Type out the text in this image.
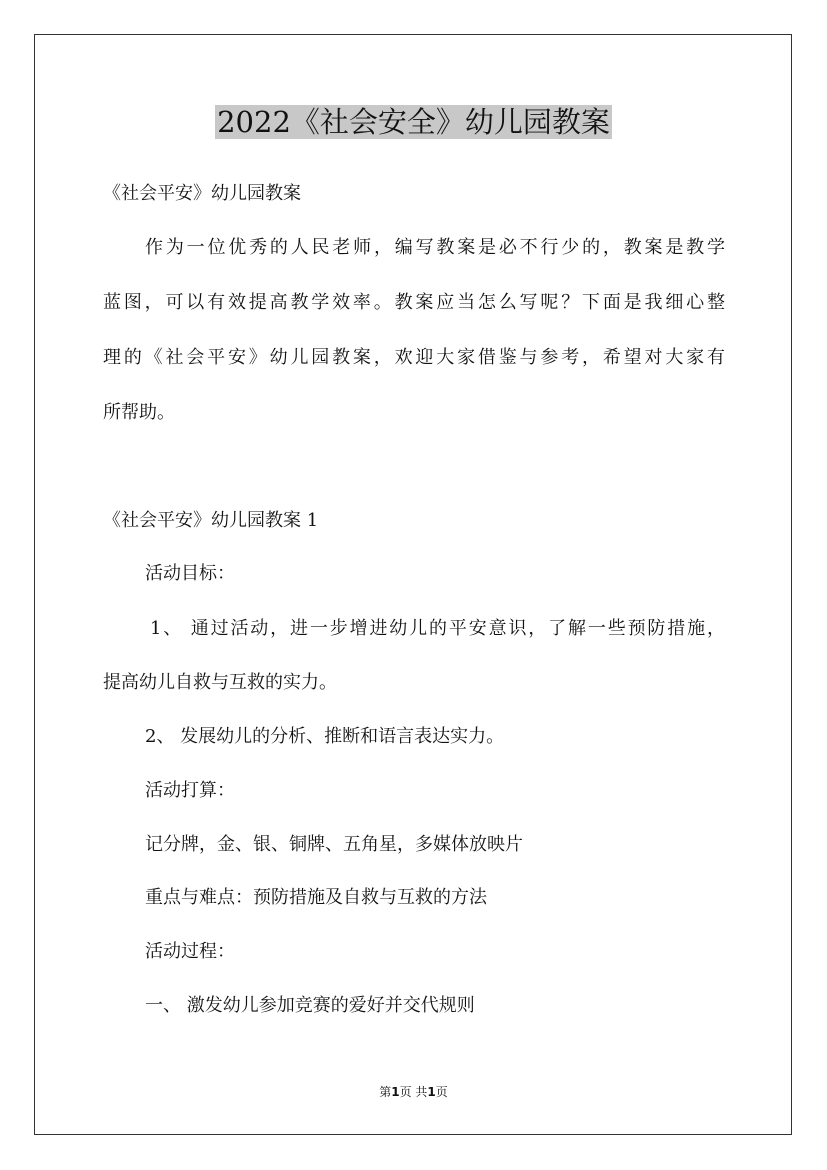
2022《社会安全》幼儿园教案
《社会平安》幼儿园教案
作为一位优秀的人民老师，编写教案是必不行少的，教案是教学
蓝图，可以有效提高教学效率。教案应当怎么写呢？下面是我细心整
理的《社会平安》幼儿园教案，欢迎大家借鉴与参考，希望对大家有
所帮助。
《社会平安》幼儿园教案 1
活动目标：
1、 通过活动，进一步增进幼儿的平安意识，了解一些预防措施，
提高幼儿自救与互救的实力。
2、 发展幼儿的分析、推断和语言表达实力。
活动打算：
记分牌，金、银、铜牌、五角星，多媒体放映片
重点与难点：预防措施及自救与互救的方法
活动过程：
一、 激发幼儿参加竞赛的爱好并交代规则
第1页 共1页
